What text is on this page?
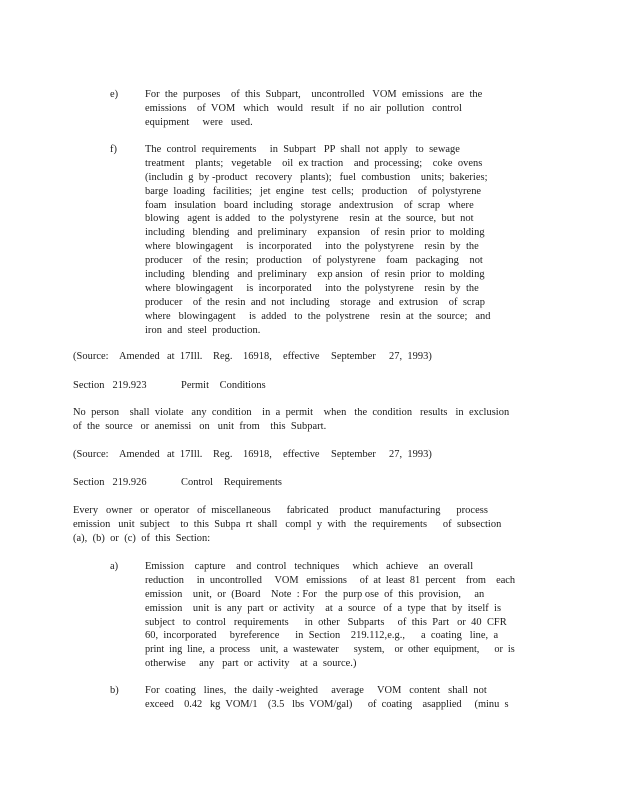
e)	For  the  purposes    of  this  Subpart,    uncontrolled   VOM  emissions   are  the
emissions    of  VOM   which   would   result   if  no  air  pollution   control
equipment     were   used.
f)	The  control  requirements     in  Subpart   PP  shall  not  apply   to  sewage
treatment    plants;   vegetable    oil  ex traction    and  processing;    coke  ovens
(includin  g  by -product   recovery   plants);   fuel  combustion    units;  bakeries;
barge  loading   facilities;   jet  engine   test  cells;   production    of  polystyrene
foam   insulation   board  including   storage   andextrusion    of  scrap   where
blowing   agent  is added   to  the  polystyrene    resin  at  the  source,  but  not
including   blending   and  preliminary    expansion    of  resin  prior  to  molding
where  blowingagent     is  incorporated     into  the  polystyrene    resin  by  the
producer    of  the  resin;   production    of  polystyrene    foam   packaging    not
including   blending   and  preliminary    exp ansion   of  resin  prior  to  molding
where  blowingagent     is  incorporated     into  the  polystyrene    resin  by  the
producer    of  the  resin  and  not  including    storage   and  extrusion    of  scrap
where   blowingagent     is  added   to  the  polystrene    resin  at  the  source;   and
iron  and  steel  production.

(Source:

Amended

at  17Ill.

Reg.

16918,

effective

September

27,  1993)

Section   219.923

	Permit    Conditions

No  person    shall  violate   any  condition    in  a  permit    when   the  condition   results   in  exclusion
of  the  source   or  anemissi   on   unit  from    this  Subpart.

(Source:

Amended

at  17Ill.

Reg.

16918,

effective

September

27,  1993)

Section   219.926

	Control    Requirements

Every   owner   or  operator   of  miscellaneous      fabricated    product   manufacturing      process
emission   unit  subject    to  this  Subpa  rt  shall   compl  y  with   the  requirements      of  subsection
(a),  (b)  or  (c)  of  this  Section:
a)	Emission    capture    and  control   techniques     which   achieve    an  overall
reduction     in  uncontrolled     VOM   emissions     of  at  least  81  percent    from    each
emission    unit,  or  (Board    Note  : For   the  purp ose  of  this  provision,     an
emission    unit  is  any  part  or  activity    at  a  source   of  a  type  that  by  itself  is
subject   to  control   requirements      in  other   Subparts     of  this  Part   or  40  CFR
60,  incorporated     byreference      in  Section    219.112,e.g.,      a  coating   line,  a
print  ing  line,  a  process    unit,  a  wastewater      system,    or  other  equipment,      or  is
otherwise     any   part  or  activity    at  a  source.)
b)	For  coating   lines,   the  daily -weighted     average     VOM   content   shall  not
exceed    0.42   kg  VOM/1    (3.5   lbs  VOM/gal)      of  coating    asapplied     (minu  s
